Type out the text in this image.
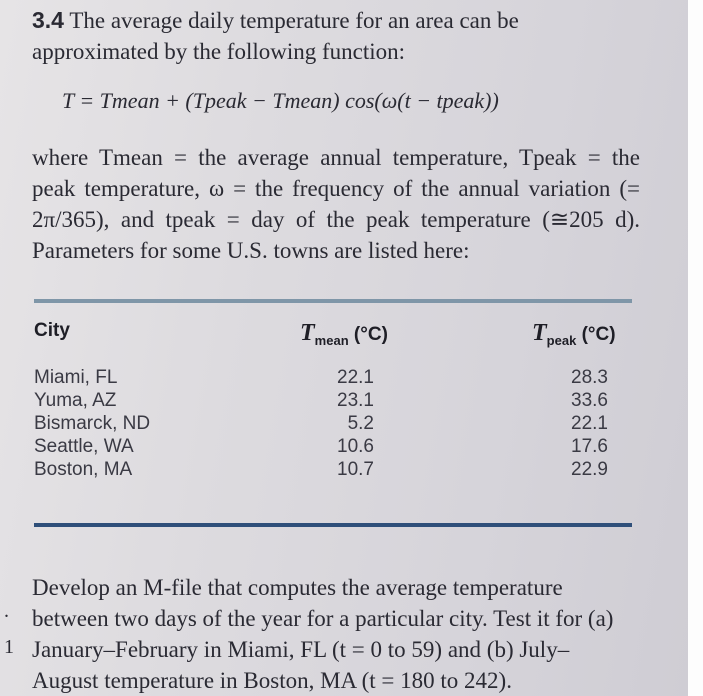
3.4 The average daily temperature for an area can be approximated by the following function:
T = Tmean + (Tpeak − Tmean) cos(ω(t − tpeak))
where Tmean = the average annual temperature, Tpeak = the peak temperature, ω = the frequency of the annual variation (= 2π/365), and tpeak = day of the peak temperature (≅205 d). Parameters for some U.S. towns are listed here:
City	$T_{mean}$ (°C)	$T_{peak}$ (°C)
Miami, FL
Yuma, AZ
Bismarck, ND
Seattle, WA
Boston, MA
22.1
23.1
5.2
10.6
10.7
28.3
33.6
22.1
17.6
22.9
Develop an M-file that computes the average temperature between two days of the year for a particular city. Test it for (a) January–February in Miami, FL (t = 0 to 59) and (b) July–August temperature in Boston, MA (t = 180 to 242).
.
1
